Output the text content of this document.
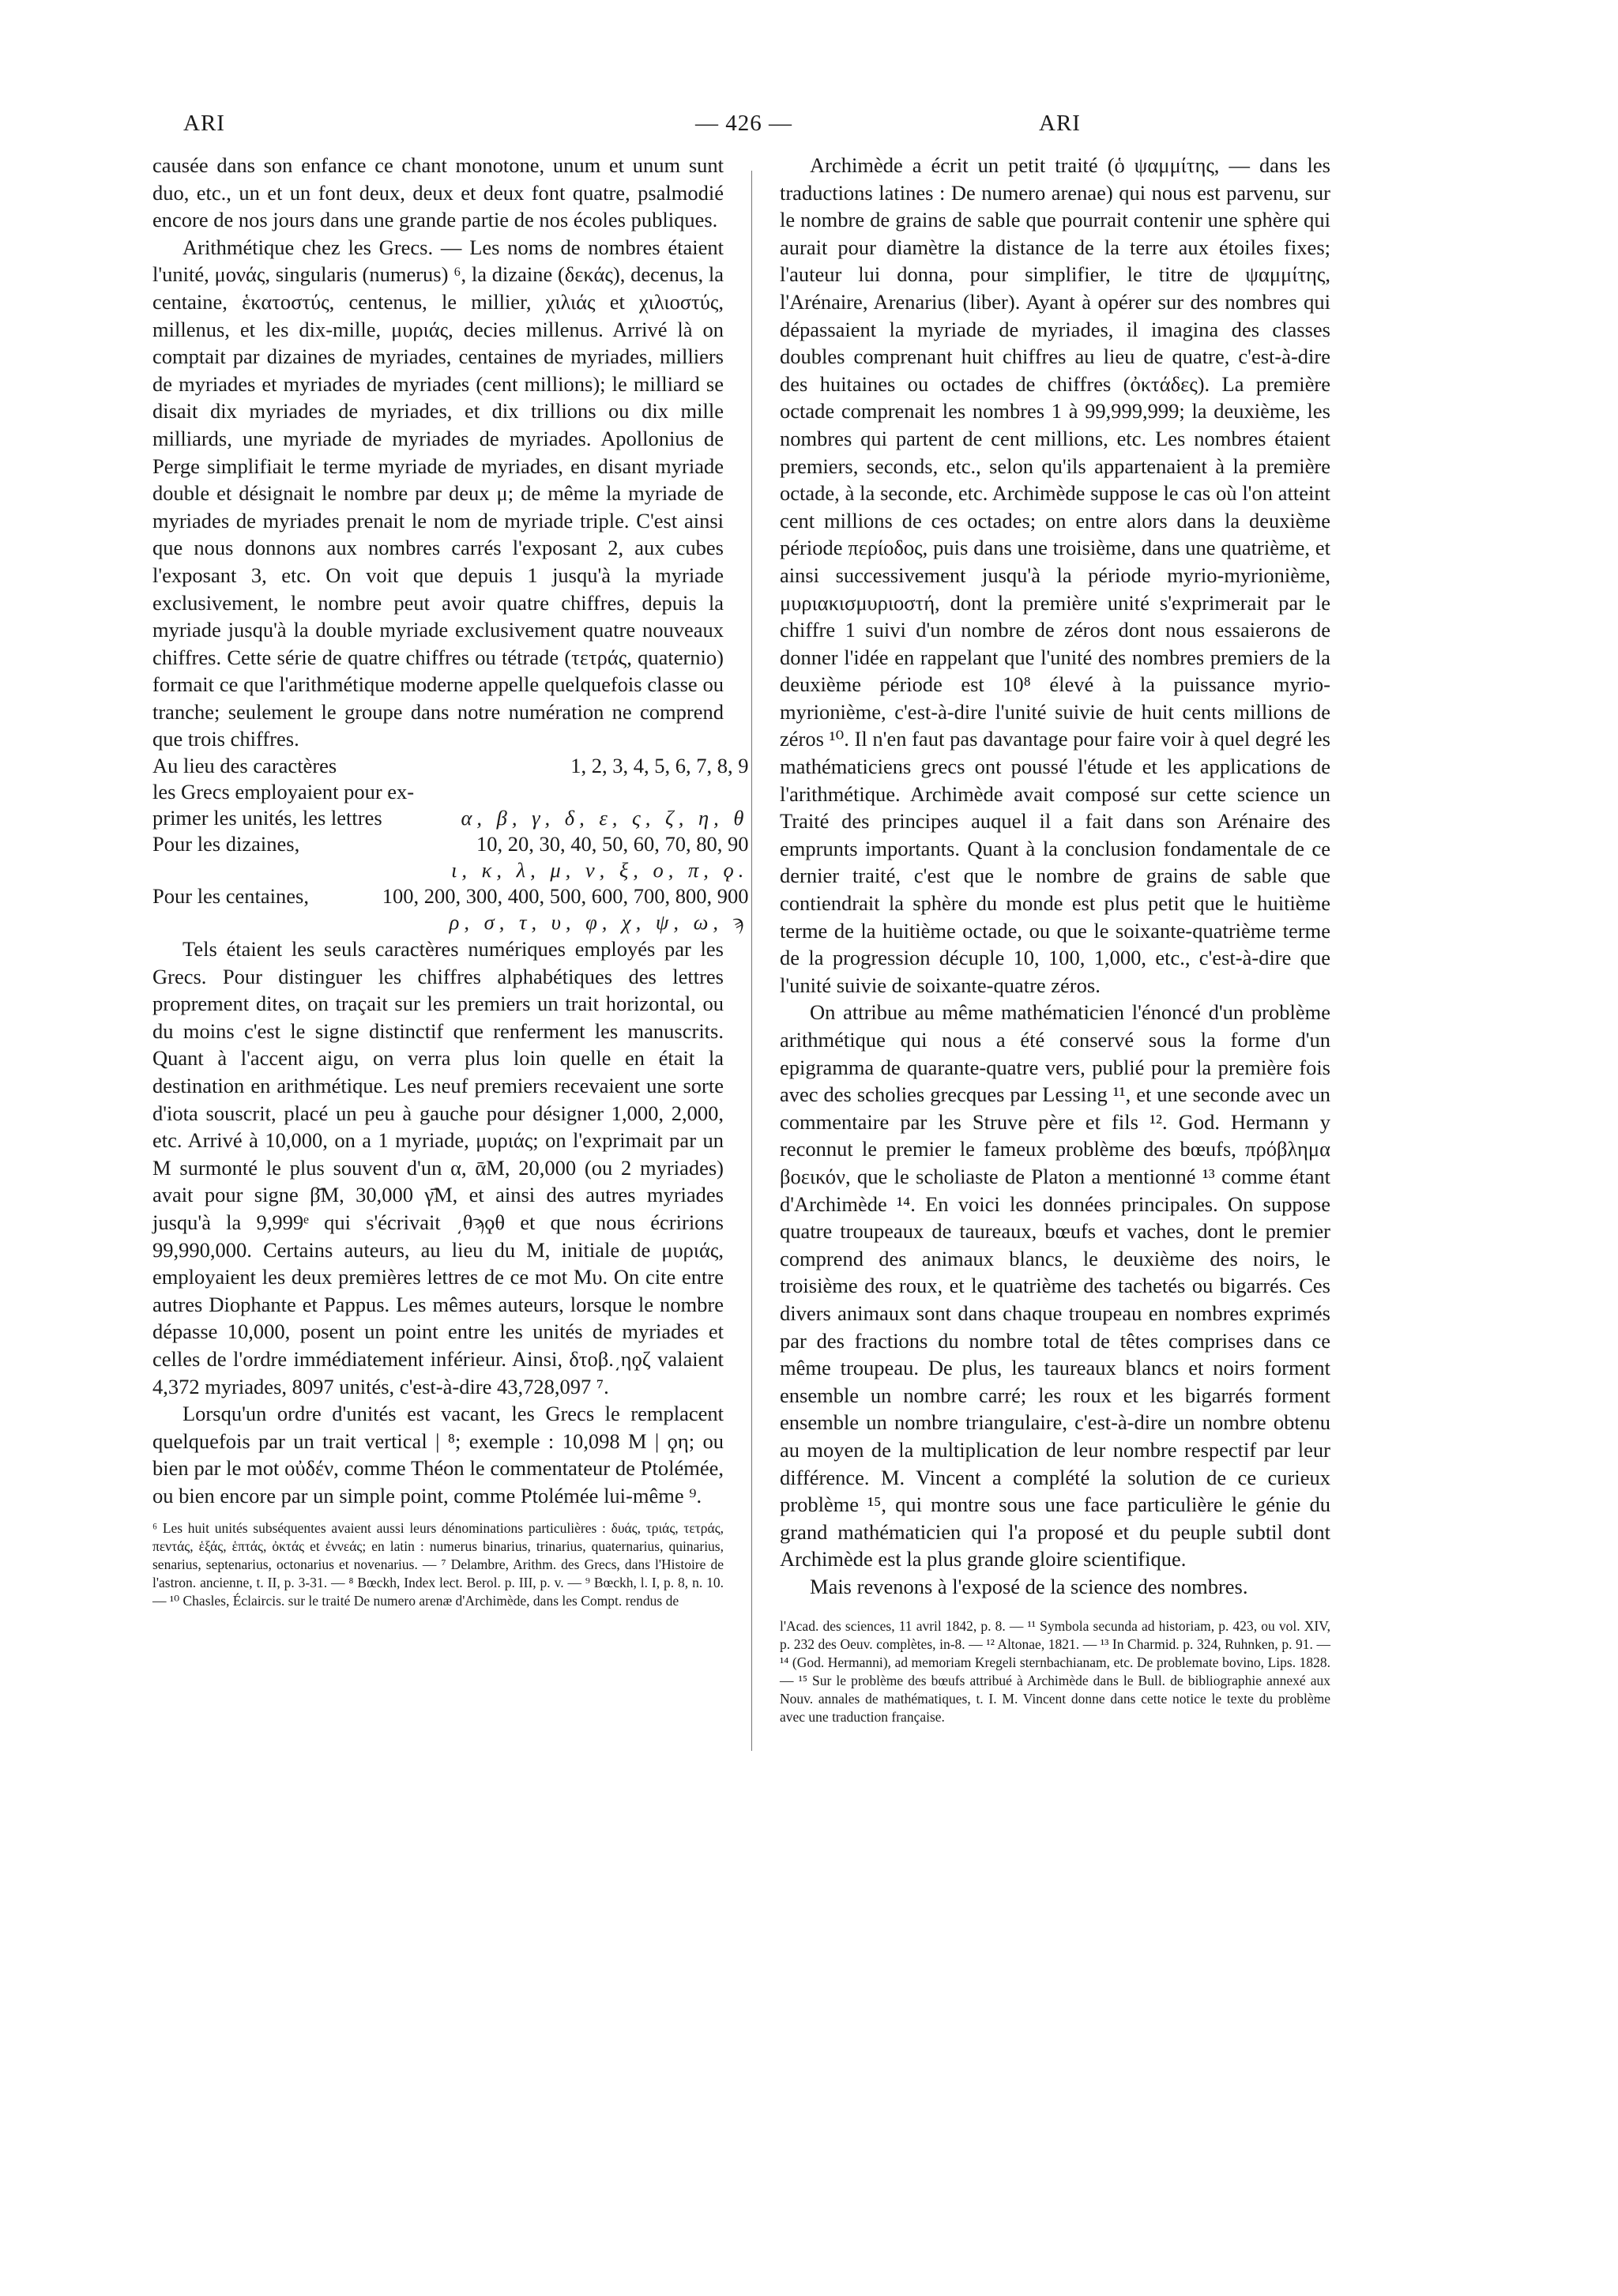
ARI	— 426 —	ARI

causée dans son enfance ce chant monotone, unum et unum sunt duo, etc., un et un font deux, deux et deux font quatre, psalmodié encore de nos jours dans une grande partie de nos écoles publiques.

Arithmétique chez les Grecs. — Les noms de nombres étaient l'unité, μονάς, singularis (numerus) ⁶, la dizaine (δεκάς), decenus, la centaine, ἑκατοστύς, centenus, le millier, χιλιάς et χιλιοστύς, millenus, et les dix-mille, μυριάς, decies millenus. Arrivé là on comptait par dizaines de myriades, centaines de myriades, milliers de myriades et myriades de myriades (cent millions); le milliard se disait dix myriades de myriades, et dix trillions ou dix mille milliards, une myriade de myriades de myriades. Apollonius de Perge simplifiait le terme myriade de myriades, en disant myriade double et désignait le nombre par deux μ; de même la myriade de myriades de myriades prenait le nom de myriade triple. C'est ainsi que nous donnons aux nombres carrés l'exposant 2, aux cubes l'exposant 3, etc. On voit que depuis 1 jusqu'à la myriade exclusivement, le nombre peut avoir quatre chiffres, depuis la myriade jusqu'à la double myriade exclusivement quatre nouveaux chiffres. Cette série de quatre chiffres ou tétrade (τετράς, quaternio) formait ce que l'arithmétique moderne appelle quelquefois classe ou tranche; seulement le groupe dans notre numération ne comprend que trois chiffres.

Au lieu des caractères	1, 2, 3, 4, 5, 6, 7, 8, 9
les Grecs employaient pour ex-	
primer les unités, les lettres	α, β, γ, δ, ε, ς, ζ, η, θ
Pour les dizaines,	10, 20, 30, 40, 50, 60, 70, 80, 90
	ι, κ, λ, μ, ν, ξ, ο, π, ϙ.
Pour les centaines,	100, 200, 300, 400, 500, 600, 700, 800, 900
	ρ, σ, τ, υ, φ, χ, ψ, ω, ϡ

Tels étaient les seuls caractères numériques employés par les Grecs. Pour distinguer les chiffres alphabétiques des lettres proprement dites, on traçait sur les premiers un trait horizontal, ou du moins c'est le signe distinctif que renferment les manuscrits. Quant à l'accent aigu, on verra plus loin quelle en était la destination en arithmétique. Les neuf premiers recevaient une sorte d'iota souscrit, placé un peu à gauche pour désigner 1,000, 2,000, etc. Arrivé à 10,000, on a 1 myriade, μυριάς; on l'exprimait par un M surmonté le plus souvent d'un α, ᾱM, 20,000 (ou 2 myriades) avait pour signe β̄M, 30,000 γ̄M, et ainsi des autres myriades jusqu'à la 9,999ᵉ qui s'écrivait ͵θϡϙθ et que nous écririons 99,990,000. Certains auteurs, au lieu du M, initiale de μυριάς, employaient les deux premières lettres de ce mot Mυ. On cite entre autres Diophante et Pappus. Les mêmes auteurs, lorsque le nombre dépasse 10,000, posent un point entre les unités de myriades et celles de l'ordre immédiatement inférieur. Ainsi, δτοβ.͵ηϙζ valaient 4,372 myriades, 8097 unités, c'est-à-dire 43,728,097 ⁷.

Lorsqu'un ordre d'unités est vacant, les Grecs le remplacent quelquefois par un trait vertical | ⁸; exemple : 10,098 M | ϙη; ou bien par le mot οὐδέν, comme Théon le commentateur de Ptolémée, ou bien encore par un simple point, comme Ptolémée lui-même ⁹.

⁶ Les huit unités subséquentes avaient aussi leurs dénominations particulières : δυάς, τριάς, τετράς, πεντάς, ἑξάς, ἑπτάς, ὀκτάς et ἐννεάς; en latin : numerus binarius, trinarius, quaternarius, quinarius, senarius, septenarius, octonarius et novenarius. — ⁷ Delambre, Arithm. des Grecs, dans l'Histoire de l'astron. ancienne, t. II, p. 3-31. — ⁸ Bœckh, Index lect. Berol. p. III, p. v. — ⁹ Bœckh, l. I, p. 8, n. 10. — ¹⁰ Chasles, Éclaircis. sur le traité De numero arenæ d'Archimède, dans les Compt. rendus de

Archimède a écrit un petit traité (ὁ ψαμμίτης, — dans les traductions latines : De numero arenae) qui nous est parvenu, sur le nombre de grains de sable que pourrait contenir une sphère qui aurait pour diamètre la distance de la terre aux étoiles fixes; l'auteur lui donna, pour simplifier, le titre de ψαμμίτης, l'Arénaire, Arenarius (liber). Ayant à opérer sur des nombres qui dépassaient la myriade de myriades, il imagina des classes doubles comprenant huit chiffres au lieu de quatre, c'est-à-dire des huitaines ou octades de chiffres (ὀκτάδες). La première octade comprenait les nombres 1 à 99,999,999; la deuxième, les nombres qui partent de cent millions, etc. Les nombres étaient premiers, seconds, etc., selon qu'ils appartenaient à la première octade, à la seconde, etc. Archimède suppose le cas où l'on atteint cent millions de ces octades; on entre alors dans la deuxième période περίοδος, puis dans une troisième, dans une quatrième, et ainsi successivement jusqu'à la période myrio-myrionième, μυριακισμυριοστή, dont la première unité s'exprimerait par le chiffre 1 suivi d'un nombre de zéros dont nous essaierons de donner l'idée en rappelant que l'unité des nombres premiers de la deuxième période est 10⁸ élevé à la puissance myrio-myrionième, c'est-à-dire l'unité suivie de huit cents millions de zéros ¹⁰. Il n'en faut pas davantage pour faire voir à quel degré les mathématiciens grecs ont poussé l'étude et les applications de l'arithmétique. Archimède avait composé sur cette science un Traité des principes auquel il a fait dans son Arénaire des emprunts importants. Quant à la conclusion fondamentale de ce dernier traité, c'est que le nombre de grains de sable que contiendrait la sphère du monde est plus petit que le huitième terme de la huitième octade, ou que le soixante-quatrième terme de la progression décuple 10, 100, 1,000, etc., c'est-à-dire que l'unité suivie de soixante-quatre zéros.

On attribue au même mathématicien l'énoncé d'un problème arithmétique qui nous a été conservé sous la forme d'un epigramma de quarante-quatre vers, publié pour la première fois avec des scholies grecques par Lessing ¹¹, et une seconde avec un commentaire par les Struve père et fils ¹². God. Hermann y reconnut le premier le fameux problème des bœufs, πρόβλημα βοεικόν, que le scholiaste de Platon a mentionné ¹³ comme étant d'Archimède ¹⁴. En voici les données principales. On suppose quatre troupeaux de taureaux, bœufs et vaches, dont le premier comprend des animaux blancs, le deuxième des noirs, le troisième des roux, et le quatrième des tachetés ou bigarrés. Ces divers animaux sont dans chaque troupeau en nombres exprimés par des fractions du nombre total de têtes comprises dans ce même troupeau. De plus, les taureaux blancs et noirs forment ensemble un nombre carré; les roux et les bigarrés forment ensemble un nombre triangulaire, c'est-à-dire un nombre obtenu au moyen de la multiplication de leur nombre respectif par leur différence. M. Vincent a complété la solution de ce curieux problème ¹⁵, qui montre sous une face particulière le génie du grand mathématicien qui l'a proposé et du peuple subtil dont Archimède est la plus grande gloire scientifique.

Mais revenons à l'exposé de la science des nombres.

l'Acad. des sciences, 11 avril 1842, p. 8. — ¹¹ Symbola secunda ad historiam, p. 423, ou vol. XIV, p. 232 des Oeuv. complètes, in-8. — ¹² Altonae, 1821. — ¹³ In Charmid. p. 324, Ruhnken, p. 91. — ¹⁴ (God. Hermanni), ad memoriam Kregeli sternbachianam, etc. De problemate bovino, Lips. 1828. — ¹⁵ Sur le problème des bœufs attribué à Archimède dans le Bull. de bibliographie annexé aux Nouv. annales de mathématiques, t. I. M. Vincent donne dans cette notice le texte du problème avec une traduction française.
